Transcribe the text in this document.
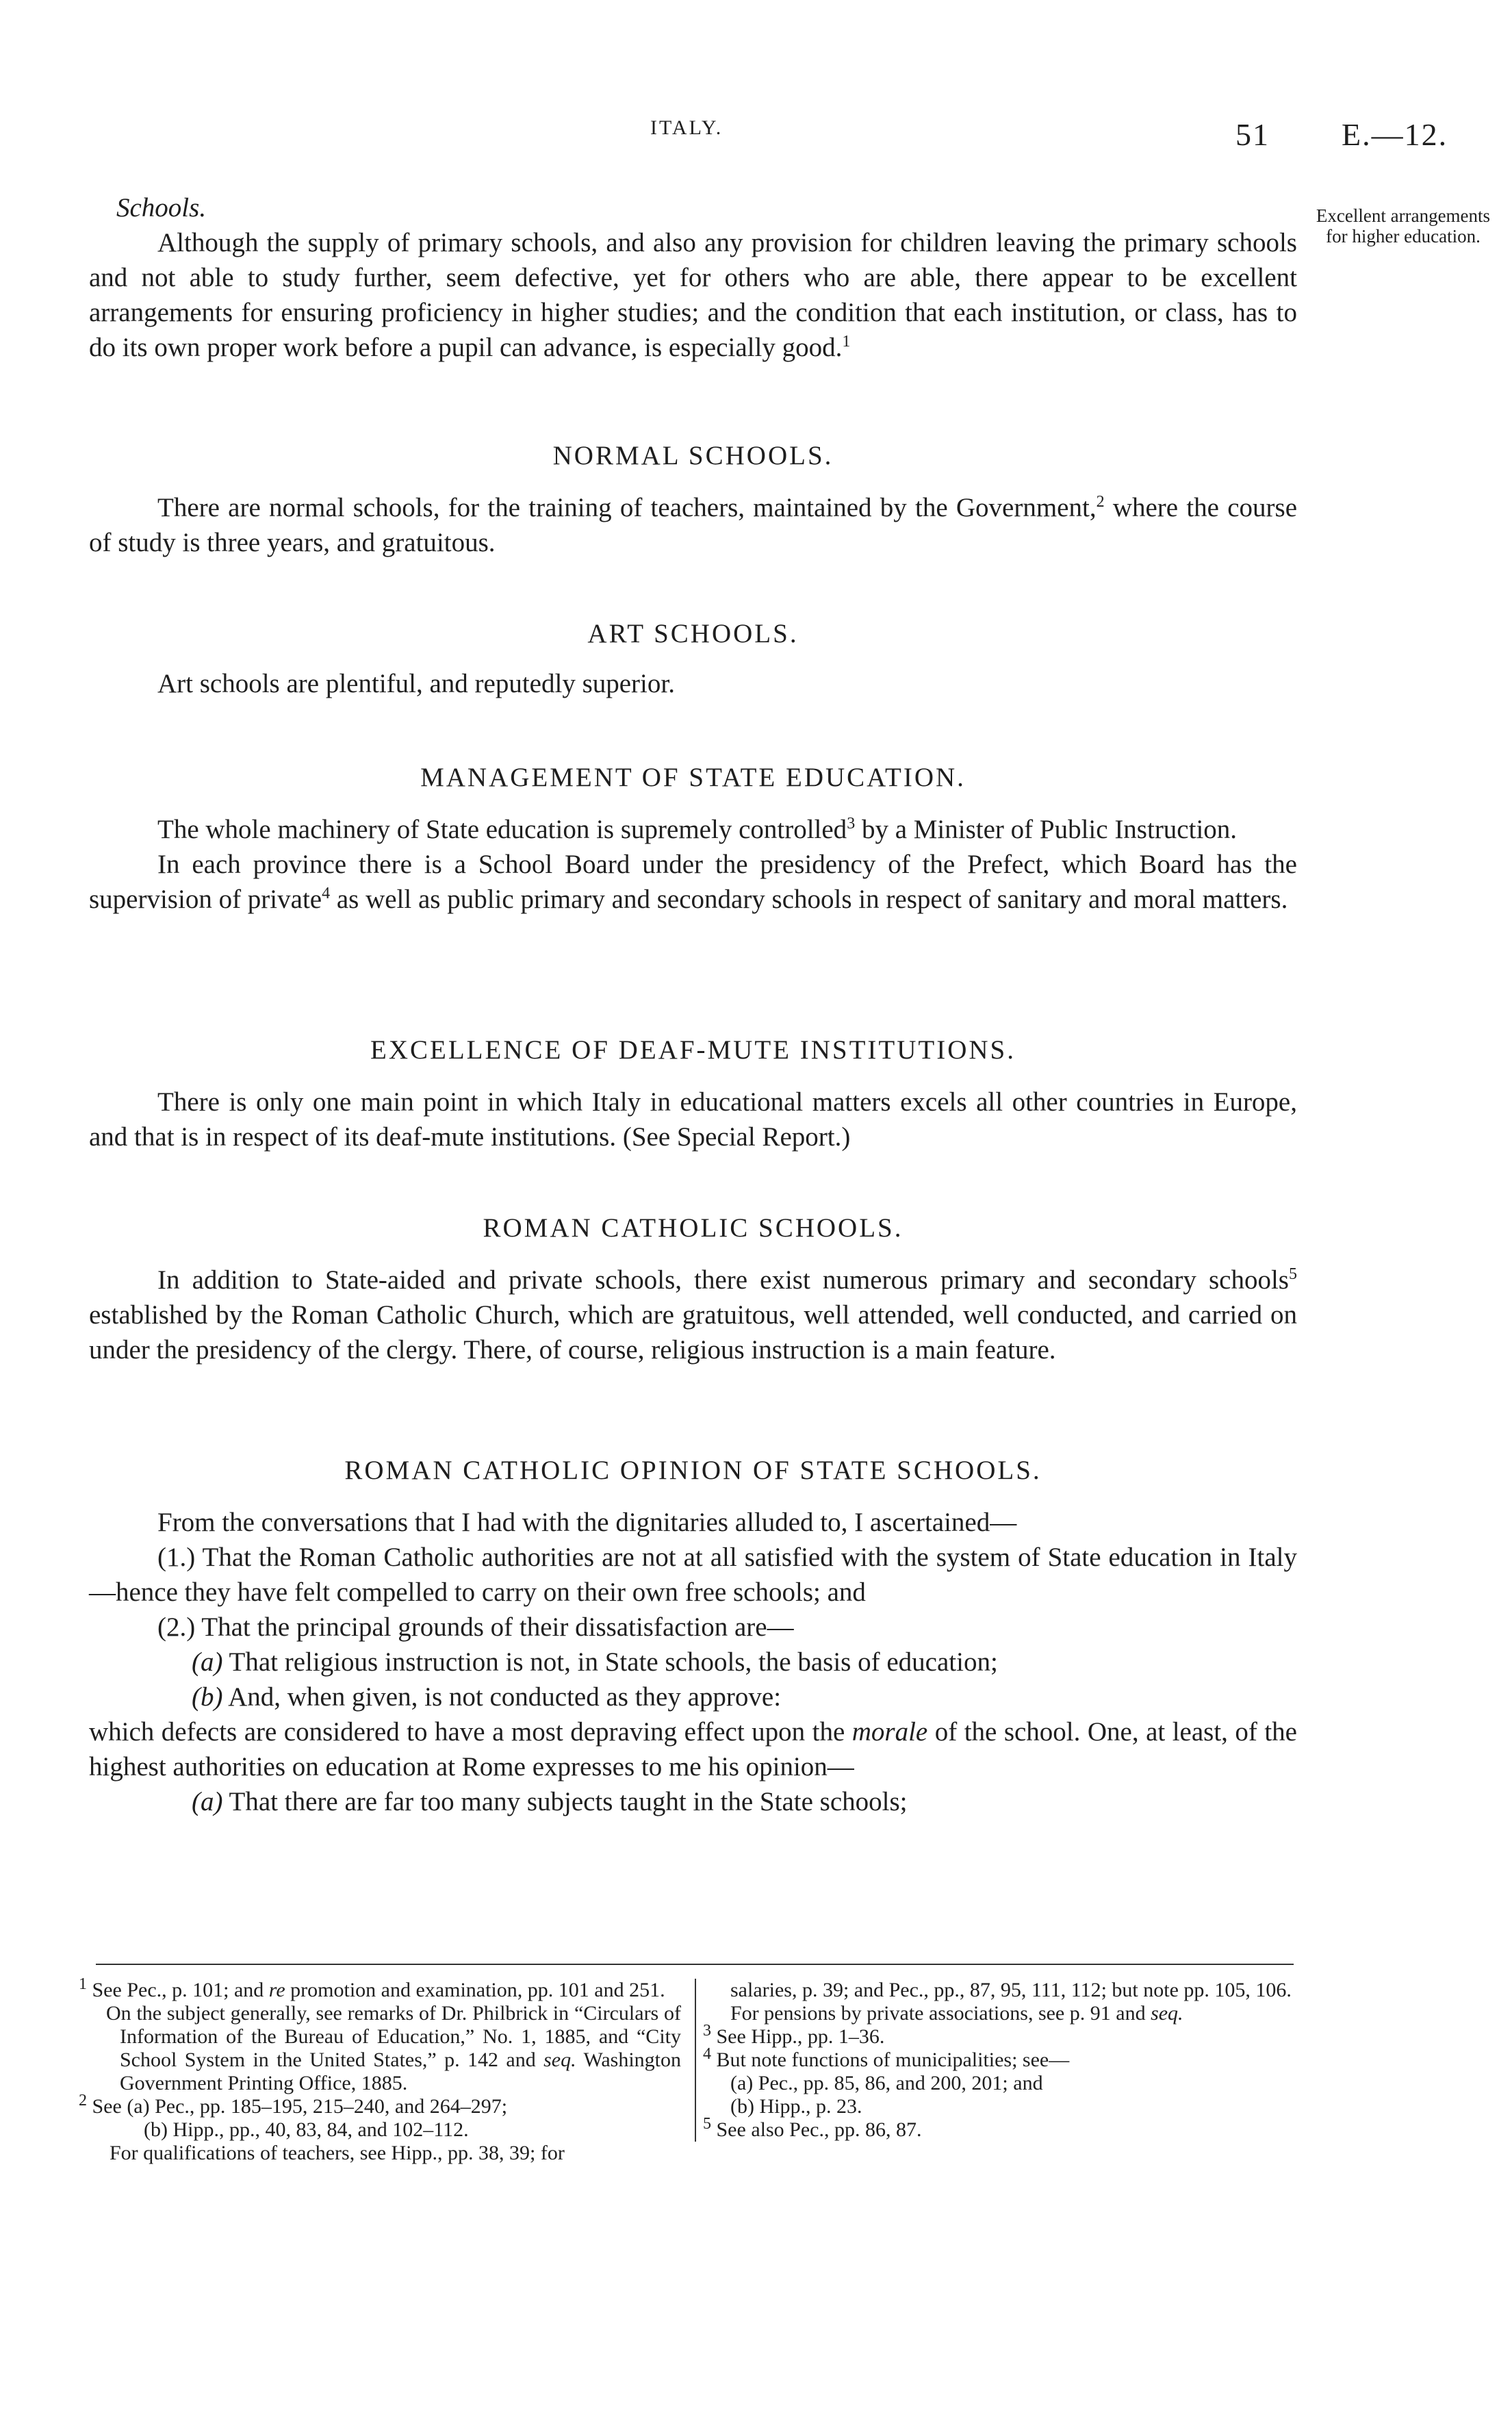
ITALY.	51 E.—12.
Excellent arrangements for higher education.

Schools.

Although the supply of primary schools, and also any provision for children leaving the primary schools and not able to study further, seem defective, yet for others who are able, there appear to be excellent arrangements for ensuring proficiency in higher studies; and the condition that each institution, or class, has to do its own proper work before a pupil can advance, is especially good.$^1$

NORMAL SCHOOLS.

There are normal schools, for the training of teachers, maintained by the Government,$^2$ where the course of study is three years, and gratuitous.

ART SCHOOLS.

Art schools are plentiful, and reputedly superior.

MANAGEMENT OF STATE EDUCATION.

The whole machinery of State education is supremely controlled$^3$ by a Minister of Public Instruction.

In each province there is a School Board under the presidency of the Prefect, which Board has the supervision of private$^4$ as well as public primary and secondary schools in respect of sanitary and moral matters.

EXCELLENCE OF DEAF-MUTE INSTITUTIONS.

There is only one main point in which Italy in educational matters excels all other countries in Europe, and that is in respect of its deaf-mute institutions. (See Special Report.)

ROMAN CATHOLIC SCHOOLS.

In addition to State-aided and private schools, there exist numerous primary and secondary schools$^5$ established by the Roman Catholic Church, which are gratuitous, well attended, well conducted, and carried on under the presidency of the clergy. There, of course, religious instruction is a main feature.

ROMAN CATHOLIC OPINION OF STATE SCHOOLS.

From the conversations that I had with the dignitaries alluded to, I ascertained—

(1.) That the Roman Catholic authorities are not at all satisfied with the system of State education in Italy—hence they have felt compelled to carry on their own free schools; and

(2.) That the principal grounds of their dissatisfaction are—

(a) That religious instruction is not, in State schools, the basis of education;

(b) And, when given, is not conducted as they approve:

which defects are considered to have a most depraving effect upon the morale of the school. One, at least, of the highest authorities on education at Rome expresses to me his opinion—

(a) That there are far too many subjects taught in the State schools;

$^1$ See Pec., p. 101; and re promotion and examination, pp. 101 and 251.

On the subject generally, see remarks of Dr. Philbrick in “Circulars of Information of the Bureau of Education,” No. 1, 1885, and “City School System in the United States,” p. 142 and seq. Washington Government Printing Office, 1885.

$^2$ See (a) Pec., pp. 185–195, 215–240, and 264–297;

(b) Hipp., pp., 40, 83, 84, and 102–112.

For qualifications of teachers, see Hipp., pp. 38, 39; for

salaries, p. 39; and Pec., pp., 87, 95, 111, 112; but note pp. 105, 106.

For pensions by private associations, see p. 91 and seq.

$^3$ See Hipp., pp. 1–36.

$^4$ But note functions of municipalities; see—

(a) Pec., pp. 85, 86, and 200, 201; and

(b) Hipp., p. 23.

$^5$ See also Pec., pp. 86, 87.
